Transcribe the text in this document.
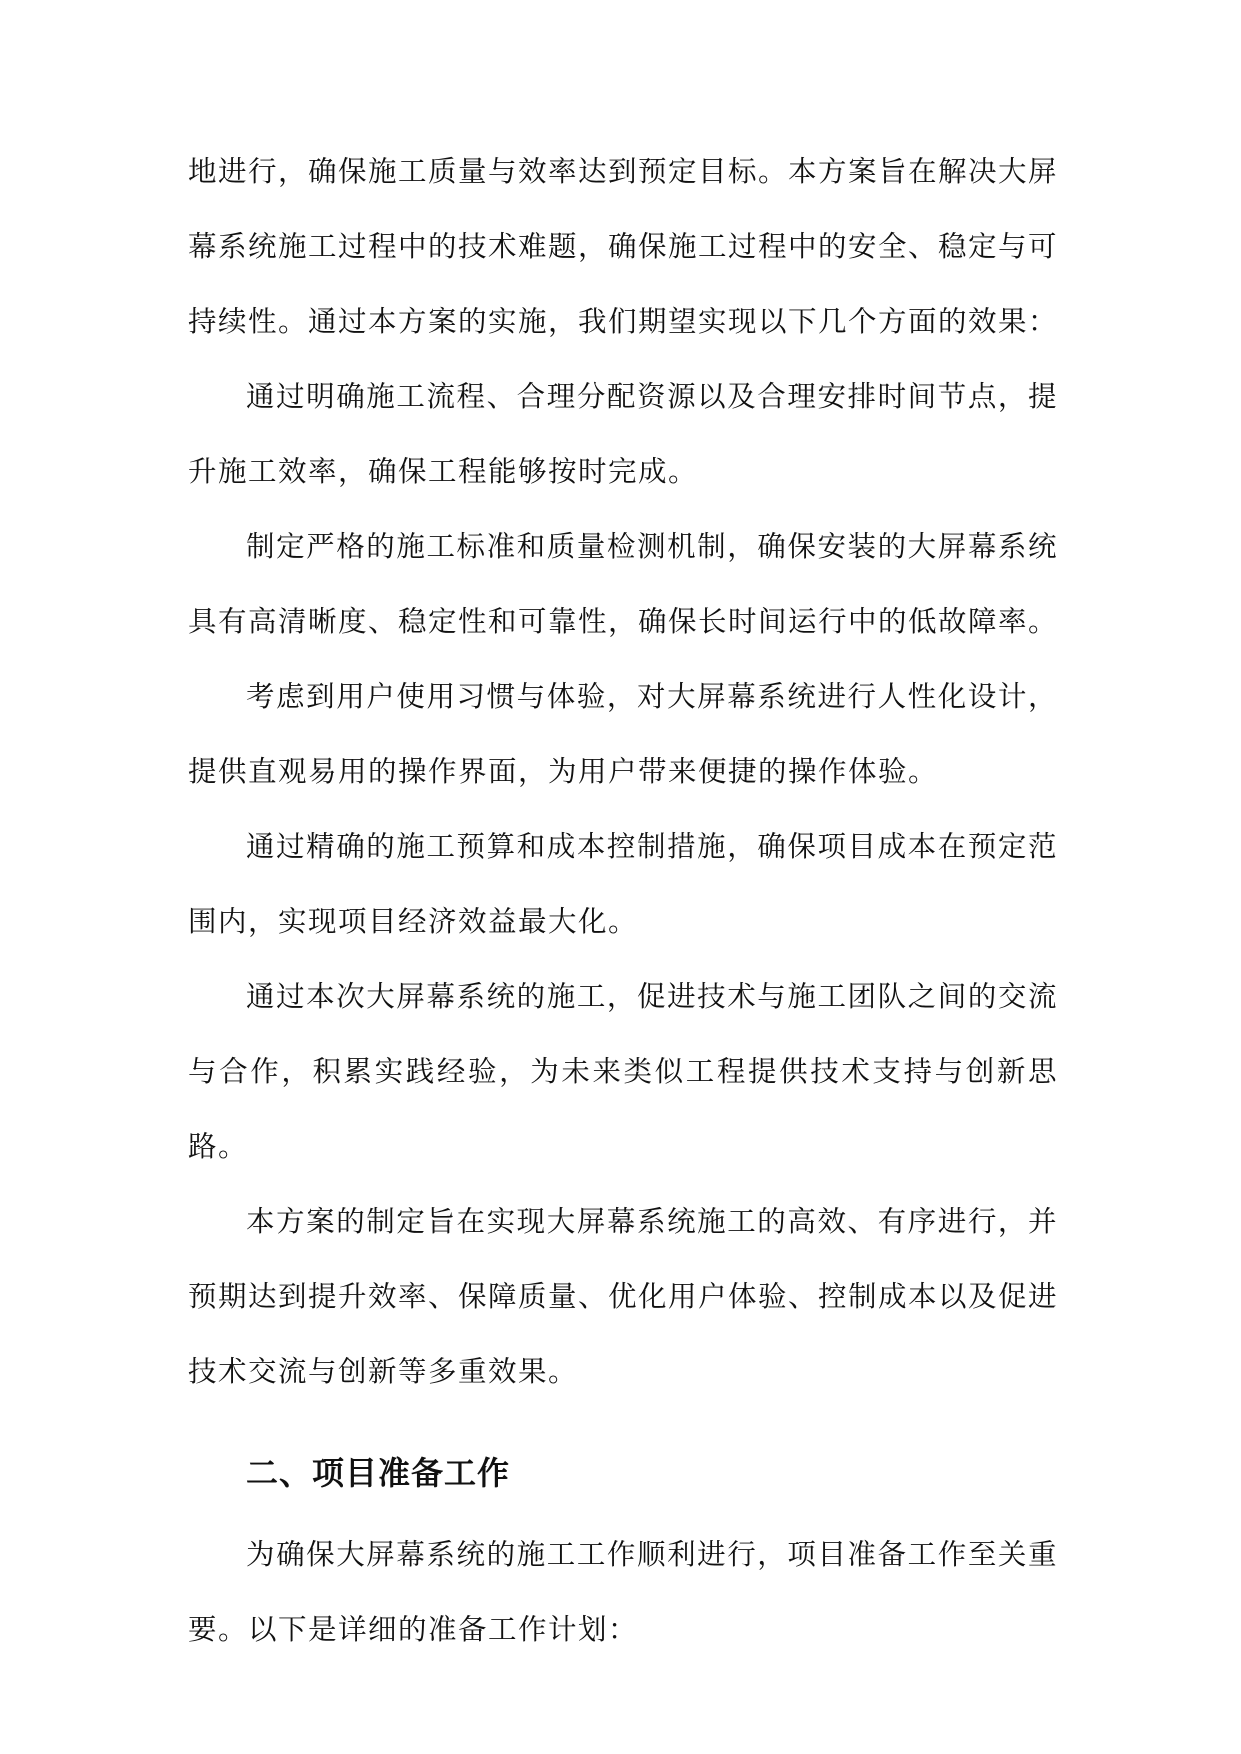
地进行，确保施工质量与效率达到预定目标。本方案旨在解决大屏幕系统施工过程中的技术难题，确保施工过程中的安全、稳定与可持续性。通过本方案的实施，我们期望实现以下几个方面的效果：

通过明确施工流程、合理分配资源以及合理安排时间节点，提升施工效率，确保工程能够按时完成。

制定严格的施工标准和质量检测机制，确保安装的大屏幕系统具有高清晰度、稳定性和可靠性，确保长时间运行中的低故障率。

考虑到用户使用习惯与体验，对大屏幕系统进行人性化设计，提供直观易用的操作界面，为用户带来便捷的操作体验。

通过精确的施工预算和成本控制措施，确保项目成本在预定范围内，实现项目经济效益最大化。

通过本次大屏幕系统的施工，促进技术与施工团队之间的交流与合作，积累实践经验，为未来类似工程提供技术支持与创新思路。

本方案的制定旨在实现大屏幕系统施工的高效、有序进行，并预期达到提升效率、保障质量、优化用户体验、控制成本以及促进技术交流与创新等多重效果。

二、项目准备工作

为确保大屏幕系统的施工工作顺利进行，项目准备工作至关重要。以下是详细的准备工作计划：
